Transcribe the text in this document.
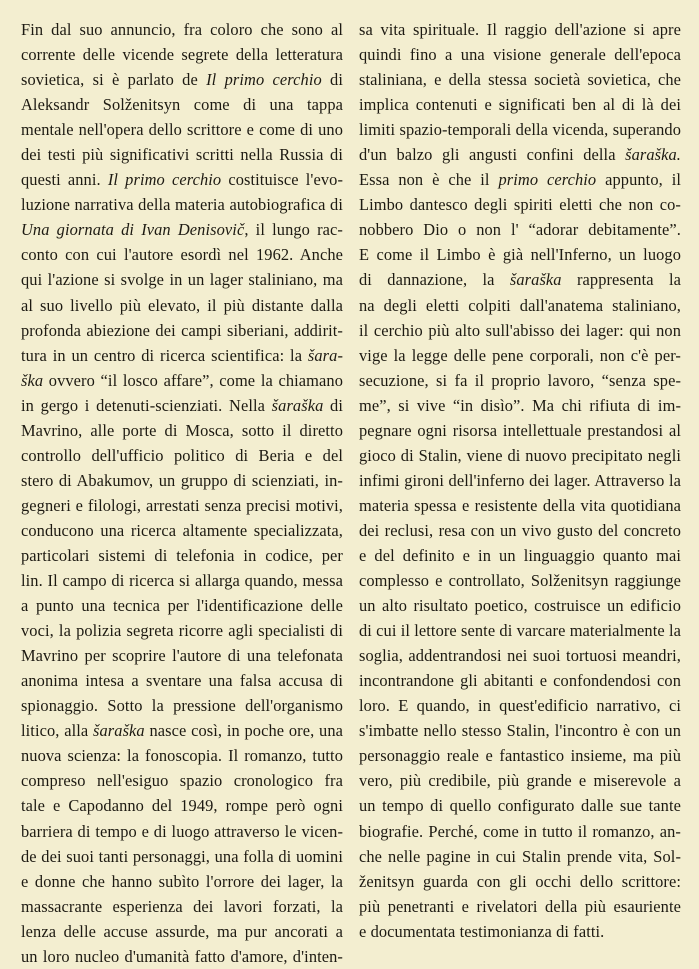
Fin dal suo annuncio, fra coloro che sono al
corrente delle vicende segrete della letteratura
sovietica, si è parlato de Il primo cerchio di
Aleksandr Solženitsyn come di una tappa
mentale nell'opera dello scrittore e come di uno
dei testi più significativi scritti nella Russia di
questi anni. Il primo cerchio costituisce l'evo-
luzione narrativa della materia autobiografica di
Una giornata di Ivan Denisovič, il lungo rac-
conto con cui l'autore esordì nel 1962. Anche
qui l'azione si svolge in un lager staliniano, ma
al suo livello più elevato, il più distante dalla
profonda abiezione dei campi siberiani, addirit-
tura in un centro di ricerca scientifica: la šara-
ška ovvero “il losco affare”, come la chiamano
in gergo i detenuti-scienziati. Nella šaraška di
Mavrino, alle porte di Mosca, sotto il diretto
controllo dell'ufficio politico di Beria e del
stero di Abakumov, un gruppo di scienziati, in-
gegneri e filologi, arrestati senza precisi motivi,
conducono una ricerca altamente specializzata,
particolari sistemi di telefonia in codice, per
lin. Il campo di ricerca si allarga quando, messa
a punto una tecnica per l'identificazione delle
voci, la polizia segreta ricorre agli specialisti di
Mavrino per scoprire l'autore di una telefonata
anonima intesa a sventare una falsa accusa di
spionaggio. Sotto la pressione dell'organismo
litico, alla šaraška nasce così, in poche ore, una
nuova scienza: la fonoscopia. Il romanzo, tutto
compreso nell'esiguo spazio cronologico fra
tale e Capodanno del 1949, rompe però ogni
barriera di tempo e di luogo attraverso le vicen-
de dei suoi tanti personaggi, una folla di uomini
e donne che hanno subìto l'orrore dei lager, la
massacrante esperienza dei lavori forzati, la
lenza delle accuse assurde, ma pur ancorati a
un loro nucleo d'umanità fatto d'amore, d'inten-
sa vita spirituale. Il raggio dell'azione si apre
quindi fino a una visione generale dell'epoca
staliniana, e della stessa società sovietica, che
implica contenuti e significati ben al di là dei
limiti spazio-temporali della vicenda, superando
d'un balzo gli angusti confini della šaraška.
Essa non è che il primo cerchio appunto, il
Limbo dantesco degli spiriti eletti che non co-
nobbero Dio o non l' “adorar debitamente”.
E come il Limbo è già nell'Inferno, un luogo
di dannazione, la šaraška rappresenta la
na degli eletti colpiti dall'anatema staliniano,
il cerchio più alto sull'abisso dei lager: qui non
vige la legge delle pene corporali, non c'è per-
secuzione, si fa il proprio lavoro, “senza spe-
me”, si vive “in disìo”. Ma chi rifiuta di im-
pegnare ogni risorsa intellettuale prestandosi al
gioco di Stalin, viene di nuovo precipitato negli
infimi gironi dell'inferno dei lager. Attraverso la
materia spessa e resistente della vita quotidiana
dei reclusi, resa con un vivo gusto del concreto
e del definito e in un linguaggio quanto mai
complesso e controllato, Solženitsyn raggiunge
un alto risultato poetico, costruisce un edificio
di cui il lettore sente di varcare materialmente la
soglia, addentrandosi nei suoi tortuosi meandri,
incontrandone gli abitanti e confondendosi con
loro. E quando, in quest'edificio narrativo, ci
s'imbatte nello stesso Stalin, l'incontro è con un
personaggio reale e fantastico insieme, ma più
vero, più credibile, più grande e miserevole a
un tempo di quello configurato dalle sue tante
biografie. Perché, come in tutto il romanzo, an-
che nelle pagine in cui Stalin prende vita, Sol-
ženitsyn guarda con gli occhi dello scrittore:
più penetranti e rivelatori della più esauriente
e documentata testimonianza di fatti.
